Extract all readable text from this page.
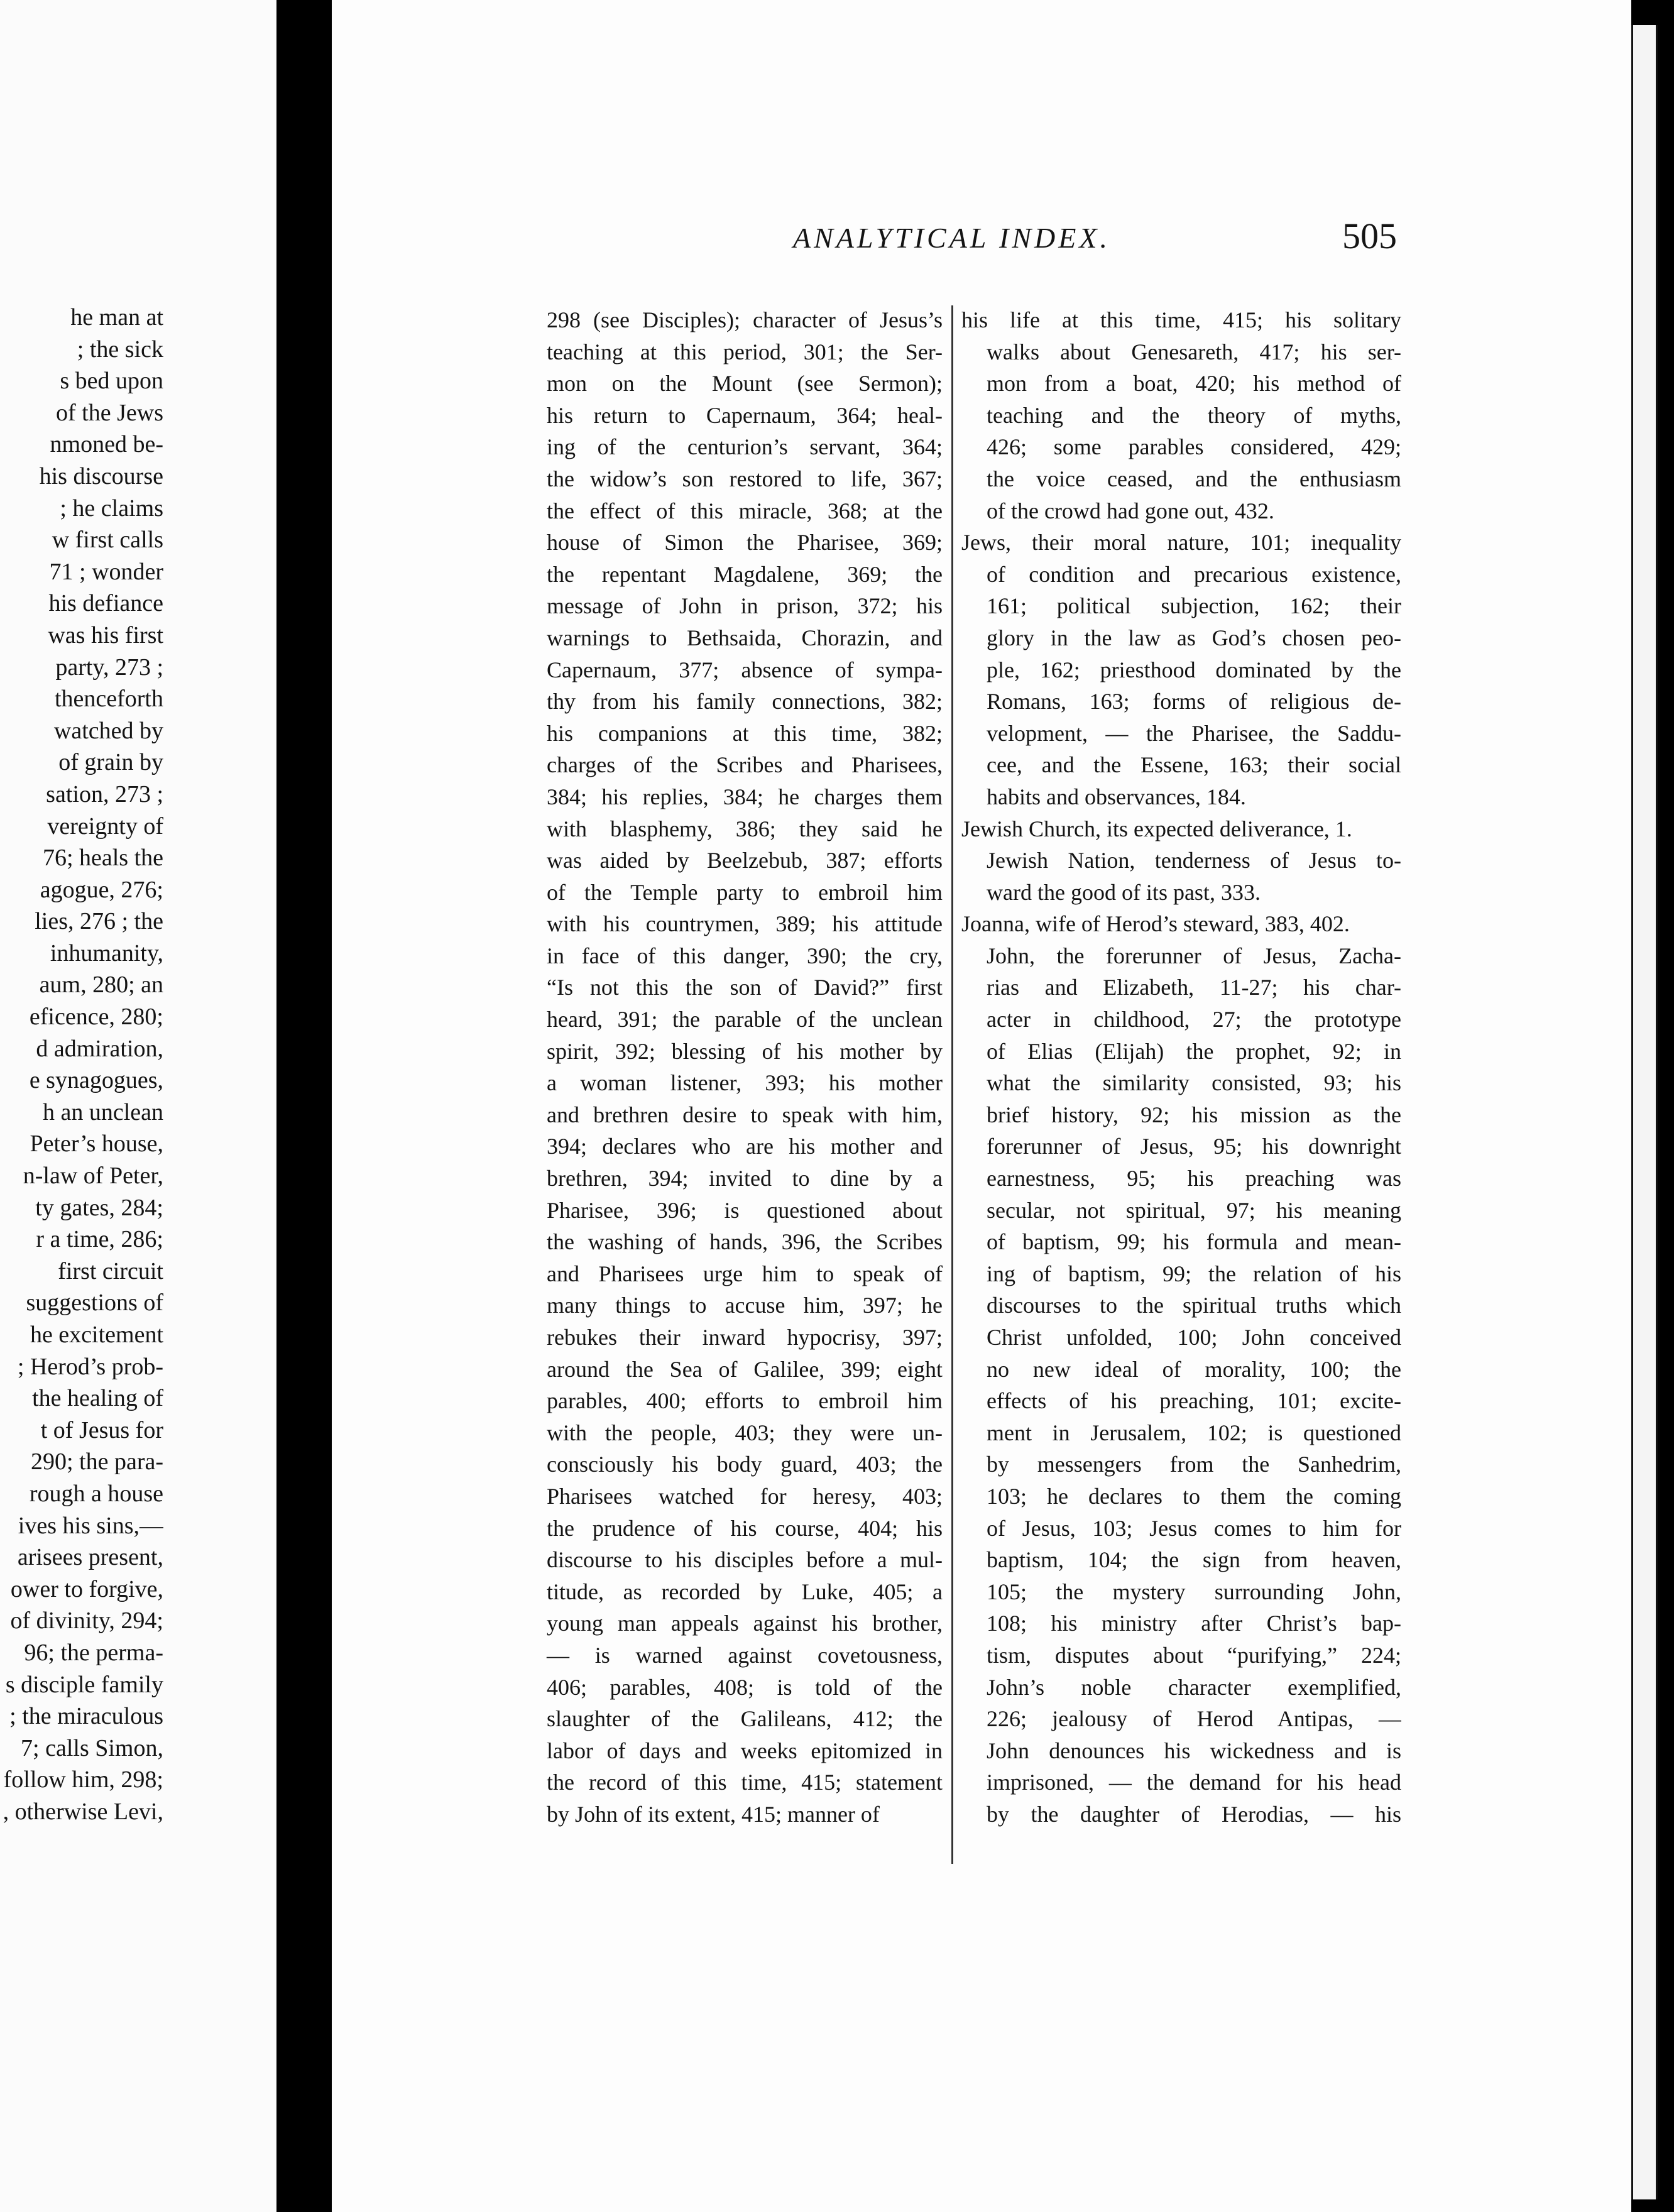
he man at
; the sick
s bed upon
of the Jews
nmoned be-
his discourse
; he claims
w first calls
71 ; wonder
his defiance
was his first
party, 273 ;
thenceforth
watched by
of grain by
sation, 273 ;
vereignty of
76; heals the
agogue, 276;
lies, 276 ; the
inhumanity,
aum, 280; an
eficence, 280;
d admiration,
e synagogues,
h an unclean
Peter’s house,
n-law of Peter,
ty gates, 284;
r a time, 286;
first circuit
suggestions of
he excitement
; Herod’s prob-
the healing of
t of Jesus for
290; the para-
rough a house
ives his sins,—
arisees present,
ower to forgive,
of divinity, 294;
96; the perma-
s disciple family
; the miraculous
7; calls Simon,
follow him, 298;
, otherwise Levi,
ANALYTICAL INDEX.	505
298 (see Disciples); character of Jesus’s
teaching at this period, 301; the Ser-
mon on the Mount (see Sermon);
his return to Capernaum, 364; heal-
ing of the centurion’s servant, 364;
the widow’s son restored to life, 367;
the effect of this miracle, 368; at the
house of Simon the Pharisee, 369;
the repentant Magdalene, 369; the
message of John in prison, 372; his
warnings to Bethsaida, Chorazin, and
Capernaum, 377; absence of sympa-
thy from his family connections, 382;
his companions at this time, 382;
charges of the Scribes and Pharisees,
384; his replies, 384; he charges them
with blasphemy, 386; they said he
was aided by Beelzebub, 387; efforts
of the Temple party to embroil him
with his countrymen, 389; his attitude
in face of this danger, 390; the cry,
“Is not this the son of David?” first
heard, 391; the parable of the unclean
spirit, 392; blessing of his mother by
a woman listener, 393; his mother
and brethren desire to speak with him,
394; declares who are his mother and
brethren, 394; invited to dine by a
Pharisee, 396; is questioned about
the washing of hands, 396, the Scribes
and Pharisees urge him to speak of
many things to accuse him, 397; he
rebukes their inward hypocrisy, 397;
around the Sea of Galilee, 399; eight
parables, 400; efforts to embroil him
with the people, 403; they were un-
consciously his body guard, 403; the
Pharisees watched for heresy, 403;
the prudence of his course, 404; his
discourse to his disciples before a mul-
titude, as recorded by Luke, 405; a
young man appeals against his brother,
— is warned against covetousness,
406; parables, 408; is told of the
slaughter of the Galileans, 412; the
labor of days and weeks epitomized in
the record of this time, 415; statement
by John of its extent, 415; manner of
his life at this time, 415; his solitary
walks about Genesareth, 417; his ser-
mon from a boat, 420; his method of
teaching and the theory of myths,
426; some parables considered, 429;
the voice ceased, and the enthusiasm
of the crowd had gone out, 432.
Jews, their moral nature, 101; inequality
of condition and precarious existence,
161; political subjection, 162; their
glory in the law as God’s chosen peo-
ple, 162; priesthood dominated by the
Romans, 163; forms of religious de-
velopment, — the Pharisee, the Saddu-
cee, and the Essene, 163; their social
habits and observances, 184.
Jewish Church, its expected deliverance, 1.
Jewish Nation, tenderness of Jesus to-
ward the good of its past, 333.
Joanna, wife of Herod’s steward, 383, 402.
John, the forerunner of Jesus, Zacha-
rias and Elizabeth, 11-27; his char-
acter in childhood, 27; the prototype
of Elias (Elijah) the prophet, 92; in
what the similarity consisted, 93; his
brief history, 92; his mission as the
forerunner of Jesus, 95; his downright
earnestness, 95; his preaching was
secular, not spiritual, 97; his meaning
of baptism, 99; his formula and mean-
ing of baptism, 99; the relation of his
discourses to the spiritual truths which
Christ unfolded, 100; John conceived
no new ideal of morality, 100; the
effects of his preaching, 101; excite-
ment in Jerusalem, 102; is questioned
by messengers from the Sanhedrim,
103; he declares to them the coming
of Jesus, 103; Jesus comes to him for
baptism, 104; the sign from heaven,
105; the mystery surrounding John,
108; his ministry after Christ’s bap-
tism, disputes about “purifying,” 224;
John’s noble character exemplified,
226; jealousy of Herod Antipas, —
John denounces his wickedness and is
imprisoned, — the demand for his head
by the daughter of Herodias, — his
